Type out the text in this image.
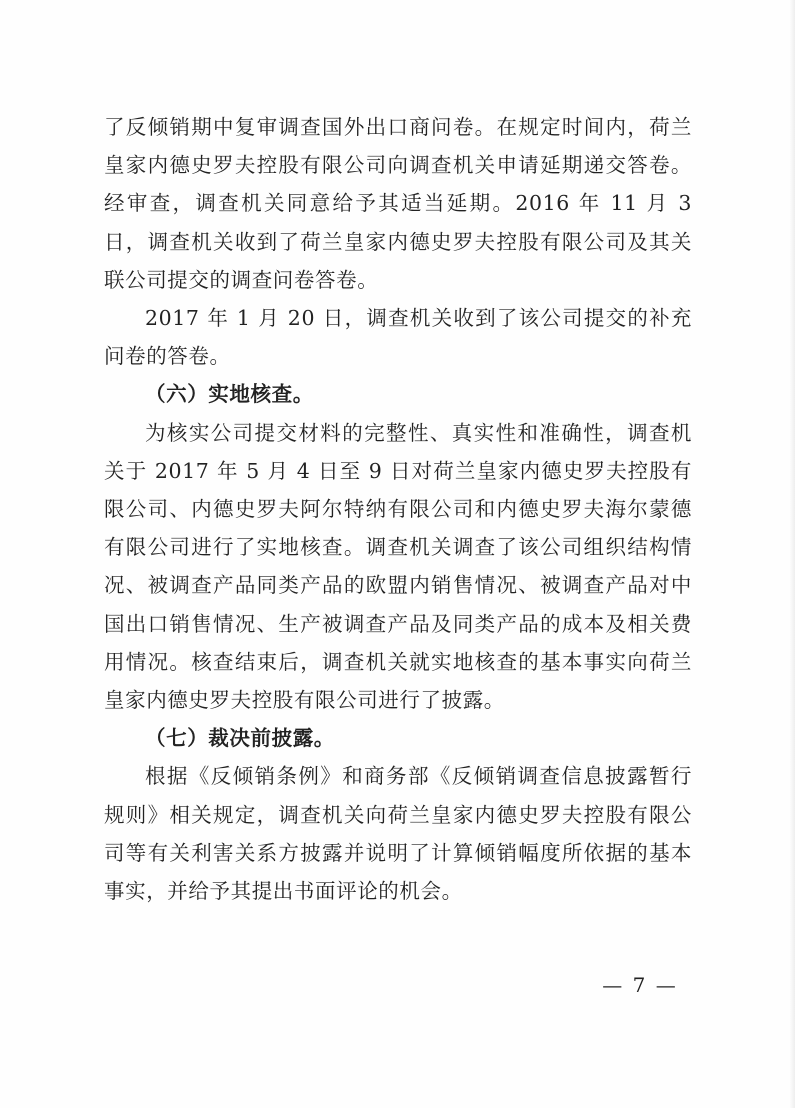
了反倾销期中复审调查国外出口商问卷。在规定时间内，荷兰皇家内德史罗夫控股有限公司向调查机关申请延期递交答卷。经审查，调查机关同意给予其适当延期。2016 年 11 月 3 日，调查机关收到了荷兰皇家内德史罗夫控股有限公司及其关联公司提交的调查问卷答卷。

2017 年 1 月 20 日，调查机关收到了该公司提交的补充问卷的答卷。

（六）实地核查。

为核实公司提交材料的完整性、真实性和准确性，调查机关于 2017 年 5 月 4 日至 9 日对荷兰皇家内德史罗夫控股有限公司、内德史罗夫阿尔特纳有限公司和内德史罗夫海尔蒙德有限公司进行了实地核查。调查机关调查了该公司组织结构情况、被调查产品同类产品的欧盟内销售情况、被调查产品对中国出口销售情况、生产被调查产品及同类产品的成本及相关费用情况。核查结束后，调查机关就实地核查的基本事实向荷兰皇家内德史罗夫控股有限公司进行了披露。

（七）裁决前披露。

根据《反倾销条例》和商务部《反倾销调查信息披露暂行规则》相关规定，调查机关向荷兰皇家内德史罗夫控股有限公司等有关利害关系方披露并说明了计算倾销幅度所依据的基本事实，并给予其提出书面评论的机会。

— 7 —
